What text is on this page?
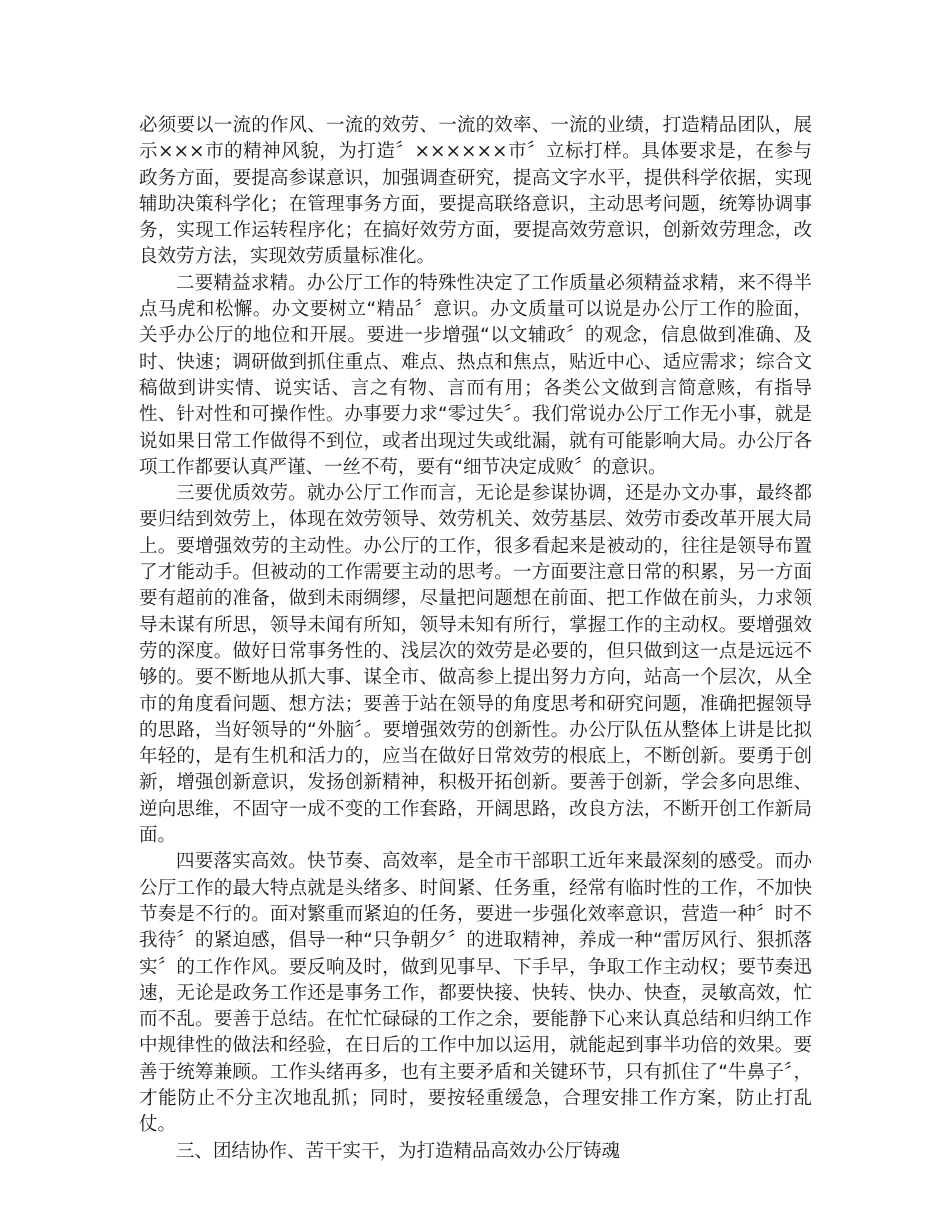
必须要以一流的作风、一流的效劳、一流的效率、一流的业绩，打造精品团队，展示×××市的精神风貌，为打造〞××××××市〞立标打样。具体要求是，在参与政务方面，要提高参谋意识，加强调查研究，提高文字水平，提供科学依据，实现辅助决策科学化；在管理事务方面，要提高联络意识，主动思考问题，统筹协调事务，实现工作运转程序化；在搞好效劳方面，要提高效劳意识，创新效劳理念，改良效劳方法，实现效劳质量标准化。

二要精益求精。办公厅工作的特殊性决定了工作质量必须精益求精，来不得半点马虎和松懈。办文要树立“精品〞意识。办文质量可以说是办公厅工作的脸面，关乎办公厅的地位和开展。要进一步增强“以文辅政〞的观念，信息做到准确、及时、快速；调研做到抓住重点、难点、热点和焦点，贴近中心、适应需求；综合文稿做到讲实情、说实话、言之有物、言而有用；各类公文做到言简意赅，有指导性、针对性和可操作性。办事要力求“零过失〞。我们常说办公厅工作无小事，就是说如果日常工作做得不到位，或者出现过失或纰漏，就有可能影响大局。办公厅各项工作都要认真严谨、一丝不苟，要有“细节决定成败〞的意识。

三要优质效劳。就办公厅工作而言，无论是参谋协调，还是办文办事，最终都要归结到效劳上，体现在效劳领导、效劳机关、效劳基层、效劳市委改革开展大局上。要增强效劳的主动性。办公厅的工作，很多看起来是被动的，往往是领导布置了才能动手。但被动的工作需要主动的思考。一方面要注意日常的积累，另一方面要有超前的准备，做到未雨绸缪，尽量把问题想在前面、把工作做在前头，力求领导未谋有所思，领导未闻有所知，领导未知有所行，掌握工作的主动权。要增强效劳的深度。做好日常事务性的、浅层次的效劳是必要的，但只做到这一点是远远不够的。要不断地从抓大事、谋全市、做高参上提出努力方向，站高一个层次，从全市的角度看问题、想方法；要善于站在领导的角度思考和研究问题，准确把握领导的思路，当好领导的“外脑〞。要增强效劳的创新性。办公厅队伍从整体上讲是比拟年轻的，是有生机和活力的，应当在做好日常效劳的根底上，不断创新。要勇于创新，增强创新意识，发扬创新精神，积极开拓创新。要善于创新，学会多向思维、逆向思维，不固守一成不变的工作套路，开阔思路，改良方法，不断开创工作新局面。

四要落实高效。快节奏、高效率，是全市干部职工近年来最深刻的感受。而办公厅工作的最大特点就是头绪多、时间紧、任务重，经常有临时性的工作，不加快节奏是不行的。面对繁重而紧迫的任务，要进一步强化效率意识，营造一种〞时不我待〞的紧迫感，倡导一种“只争朝夕〞的进取精神，养成一种“雷厉风行、狠抓落实〞的工作作风。要反响及时，做到见事早、下手早，争取工作主动权；要节奏迅速，无论是政务工作还是事务工作，都要快接、快转、快办、快查，灵敏高效，忙而不乱。要善于总结。在忙忙碌碌的工作之余，要能静下心来认真总结和归纳工作中规律性的做法和经验，在日后的工作中加以运用，就能起到事半功倍的效果。要善于统筹兼顾。工作头绪再多，也有主要矛盾和关键环节，只有抓住了“牛鼻子〞，才能防止不分主次地乱抓；同时，要按轻重缓急，合理安排工作方案，防止打乱仗。

三、团结协作、苦干实干，为打造精品高效办公厅铸魂
